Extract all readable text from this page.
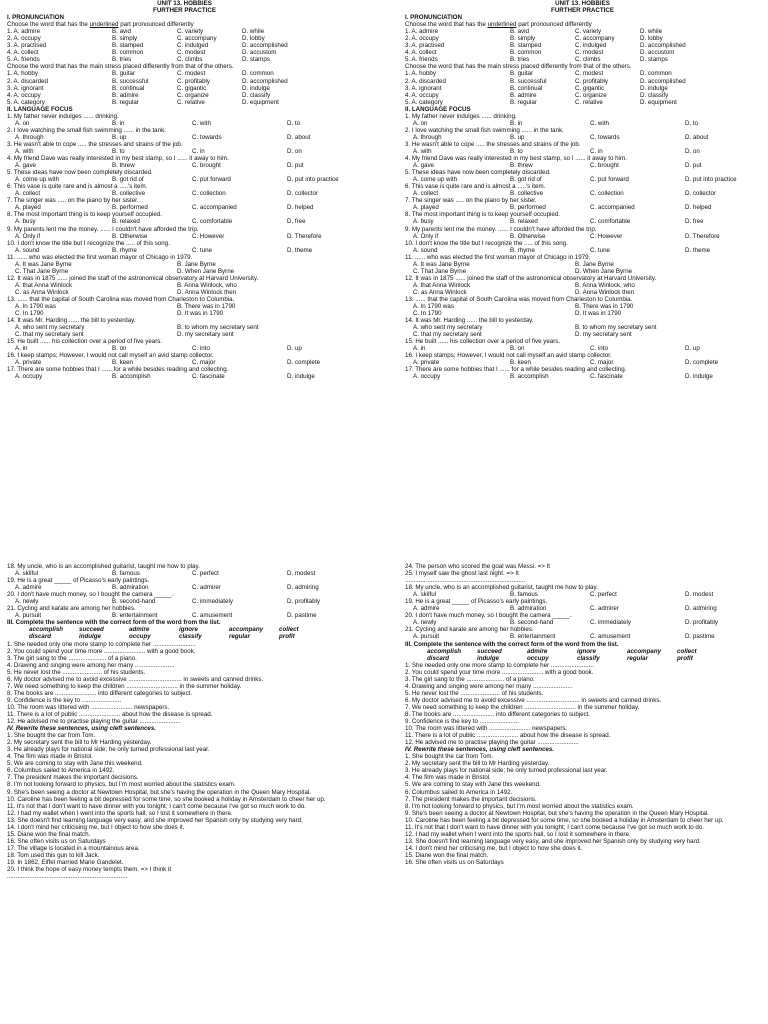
UNIT 13. HOBBIES
FURTHER PRACTICE
I. PRONUNCIATION
Choose the word that has the underlined part pronounced differently
1. A. admire	B. avid	C. variety	D. while
2. A. occupy	B. simply	C. accompany	D. lobby
3. A. practised	B. stamped	C. indulged	D. accomplished
4. A. collect	B. common	C. modest	D. accustom
5. A. friends	B. tries	C. climbs	D. stamps
Choose the word that has the main stress placed differently from that of the others.
1. A. hobby	B. guitar	C. modest	D. common
2. A. discarded	B. successful	C. profitably	D. accomplished
3. A. ignorant	B. continual	C. gigantic	D. indulge
4. A. occupy	B. admire	C. organize	D. classify
5. A. category	B. regular	C. relative	D. equipment
II. LANGUAGE FOCUS
1. My father never indulges ...... drinking.
A. on	B. in	C. with	D. to
2. I love watching the small fish swimming ...... in the tank.
A. through	B. up	C. towards	D. about
3. He wasn't able to cope ..... the stresses and strains of the job.
A. with	B. to	C. in	D. on
4. My friend Dave was really interested in my best stamp, so I ...... it away to him.
A. gave	B. threw	C. brought	D. put
5. These ideas have now been completely discarded.
A. come up with	B. got rid of	C. put forward	D. put into practice
6. This vase is quite rare and is almost a .....'s item.
A. collect	B. collective	C. collection	D. collector
7. The singer was ..... on the piano by her sister.
A. played	B. performed	C. accompanied	D. helped
8. The most important thing is to keep yourself occupied.
A. busy	B. relaxed	C. comfortable	D. free
9. My parents lent me the money. ...... I couldn't have afforded the trip.
A. Only if	B. Otherwise	C. However	D. Therefore
10. I don't know the title but I recognize the ..... of this song.
A. sound	B. rhyme	C. tune	D. theme
11. ...... who was elected the first woman mayor of Chicago in 1979.
A. It was Jane Byrne	B. Jane Byrne
C. That Jane Byrne	D. When Jane Byrne
12. It was in 1875 ...... joined the staff of the astronomical observatory at Harvard University.
A. that Anna Winlock	B. Anna Winlock, who
C. as Anna Winlock	D. Anna Winlock then
13. ...... that the capital of South Carolina was moved from Charleston to Columbia.
A. In 1790 was	B. There was in 1790
C. In 1790	D. It was in 1790
14. It was Mr. Harding ...... the bill to yesterday.
A. who sent my secretary	B. to whom my secretary sent
C. that my secretary sent	D. my secretary sent
15. He built ...... his collection over a period of five years.
A. in	B. on	C. into	D. up
16. I keep stamps; However, I would not call myself an avid stamp collector.
A. private	B. keen	C. major	D. complete
17. There are some hobbies that I ...... for a while besides reading and collecting.
A. occupy	B. accomplish	C. fascinate	D. indulge
18. My uncle, who is an accomplished guitarist, taught me how to play.
A. skilful	B. famous	C. perfect	D. modest
19. He is a great _____ of Picasso's early paintings.
A. admire	B. admiration	C. admirer	D. admiring
20. I don't have much money, so I bought the camera _____.
A. newly	B. second-hand	C. immediately	D. profitably
21. Cycling and karate are among her hobbies.
A. pursuit	B. entertainment	C. amusement	D. pastime
III. Complete the sentence with the correct form of the word from the list.
accomplish	succeed	admire	ignore	accompany	collect
discard	indulge	occupy	classify	regular	profit
1. She needed only one more stamp to complete her .........................
2. You could spend your time more ........................ with a good book.
3. The girl sang to the ...................... of a piano.
4. Drawing and singing were among her many .......................
5. He never lost the ....................... of his students.
6. My doctor advised me to avoid excessive ............................... in sweets and canned drinks.
7. We need something to keep the children .............................. in the summer holiday.
8. The books are ........................ into different categories to subject.
9. Confidence is the key to .......................
10. The room was littered with ........................ newspapers.
11. There is a lot of public ........................ about how the disease is spread.
12. He advised me to practise playing the guitar ........................
IV. Rewrite these sentences, using cleft sentences.
1. She bought the car from Tom.
2. My secretary sent the bill to Mr Harding yesterday.
3. He already plays for national side; he only turned professional last year.
4. The film was made in Bristol.
5. We are coming to stay with Jane this weekend.
6. Columbus sailed to America in 1492.
7. The president makes the important decisions.
8. I'm not looking forward to physics, but I'm most worried about the statistics exam.
9. She's been seeing a doctor at Newtown Hospital, but she's having the operation in the Queen Mary Hospital.
10. Caroline has been feeling a bit depressed for some time, so she booked a holiday in Amsterdam to cheer her up.
11. It's not that I don't want to have dinner with you tonight; I can't come because I've got so much work to do.
12. I had my wallet when I went into the sports hall, so I lost it somewhere in there.
13. She doesn't find learning language very easy, and she improved her Spanish only by studying very hard.
14. I don't mind her criticising me, but I object to how she does it.
15. Diane won the final match.
16. She often visits us on Saturdays
17. The village is located in a mountainous area.
18. Tom used this gun to kill Jack.
19. In 1862, Eiffel married Marie Gandelet.
20. I think the hope of easy money tempts them. => I think it
......................................................................
UNIT 13. HOBBIES
FURTHER PRACTICE
I. PRONUNCIATION
Choose the word that has the underlined part pronounced differently
1. A. admire	B. avid	C. variety	D. while
2. A. occupy	B. simply	C. accompany	D. lobby
3. A. practised	B. stamped	C. indulged	D. accomplished
4. A. collect	B. common	C. modest	D. accustom
5. A. friends	B. tries	C. climbs	D. stamps
Choose the word that has the main stress placed differently from that of the others.
1. A. hobby	B. guitar	C. modest	D. common
2. A. discarded	B. successful	C. profitably	D. accomplished
3. A. ignorant	B. continual	C. gigantic	D. indulge
4. A. occupy	B. admire	C. organize	D. classify
5. A. category	B. regular	C. relative	D. equipment
II. LANGUAGE FOCUS
1. My father never indulges ...... drinking.
A. on	B. in	C. with	D. to
2. I love watching the small fish swimming ...... in the tank.
A. through	B. up	C. towards	D. about
3. He wasn't able to cope ..... the stresses and strains of the job.
A. with	B. to	C. in	D. on
4. My friend Dave was really interested in my best stamp, so I ...... it away to him.
A. gave	B. threw	C. brought	D. put
5. These ideas have now been completely discarded.
A. come up with	B. got rid of	C. put forward	D. put into practice
6. This vase is quite rare and is almost a .....'s item.
A. collect	B. collective	C. collection	D. collector
7. The singer was ..... on the piano by her sister.
A. played	B. performed	C. accompanied	D. helped
8. The most important thing is to keep yourself occupied.
A. busy	B. relaxed	C. comfortable	D. free
9. My parents lent me the money. ...... I couldn't have afforded the trip.
A. Only if	B. Otherwise	C. However	D. Therefore
10. I don't know the title but I recognize the ..... of this song.
A. sound	B. rhyme	C. tune	D. theme
11. ...... who was elected the first woman mayor of Chicago in 1979.
A. It was Jane Byrne	B. Jane Byrne
C. That Jane Byrne	D. When Jane Byrne
12. It was in 1875 ...... joined the staff of the astronomical observatory at Harvard University.
A. that Anna Winlock	B. Anna Winlock, who
C. as Anna Winlock	D. Anna Winlock then
13. ...... that the capital of South Carolina was moved from Charleston to Columbia.
A. In 1790 was	B. There was in 1790
C. In 1790	D. It was in 1790
14. It was Mr. Harding ...... the bill to yesterday.
A. who sent my secretary	B. to whom my secretary sent
C. that my secretary sent	D. my secretary sent
15. He built ...... his collection over a period of five years.
A. in	B. on	C. into	D. up
16. I keep stamps; However, I would not call myself an avid stamp collector.
A. private	B. keen	C. major	D. complete
17. There are some hobbies that I ...... for a while besides reading and collecting.
A. occupy	B. accomplish	C. fascinate	D. indulge
24. The person who scored the goal was Messi. => It
25. I myself saw the ghost last night. => It
......................................................................
18. My uncle, who is an accomplished guitarist, taught me how to play.
A. skilful	B. famous	C. perfect	D. modest
19. He is a great _____ of Picasso's early paintings.
A. admire	B. admiration	C. admirer	D. admiring
20. I don't have much money, so I bought the camera _____.
A. newly	B. second-hand	C. immediately	D. profitably
21. Cycling and karate are among her hobbies.
A. pursuit	B. entertainment	C. amusement	D. pastime
III. Complete the sentence with the correct form of the word from the list.
accomplish	succeed	admire	ignore	accompany	collect
discard	indulge	occupy	classify	regular	profit
1. She needed only one more stamp to complete her .........................
2. You could spend your time more ........................ with a good book.
3. The girl sang to the ...................... of a piano.
4. Drawing and singing were among her many .......................
5. He never lost the ....................... of his students.
6. My doctor advised me to avoid excessive ............................... in sweets and canned drinks.
7. We need something to keep the children .............................. in the summer holiday.
8. The books are ........................ into different categories to subject.
9. Confidence is the key to .......................
10. The room was littered with ........................ newspapers.
11. There is a lot of public ........................ about how the disease is spread.
12. He advised me to practise playing the guitar ........................
IV. Rewrite these sentences, using cleft sentences.
1. She bought the car from Tom.
2. My secretary sent the bill to Mr Harding yesterday.
3. He already plays for national side; he only turned professional last year.
4. The film was made in Bristol.
5. We are coming to stay with Jane this weekend.
6. Columbus sailed to America in 1492.
7. The president makes the important decisions.
8. I'm not looking forward to physics, but I'm most worried about the statistics exam.
9. She's been seeing a doctor at Newtown Hospital, but she's having the operation in the Queen Mary Hospital.
10. Caroline has been feeling a bit depressed for some time, so she booked a holiday in Amsterdam to cheer her up.
11. It's not that I don't want to have dinner with you tonight; I can't come because I've got so much work to do.
12. I had my wallet when I went into the sports hall, so I lost it somewhere in there.
13. She doesn't find learning language very easy, and she improved her Spanish only by studying very hard.
14. I don't mind her criticising me, but I object to how she does it.
15. Diane won the final match.
16. She often visits us on Saturdays
